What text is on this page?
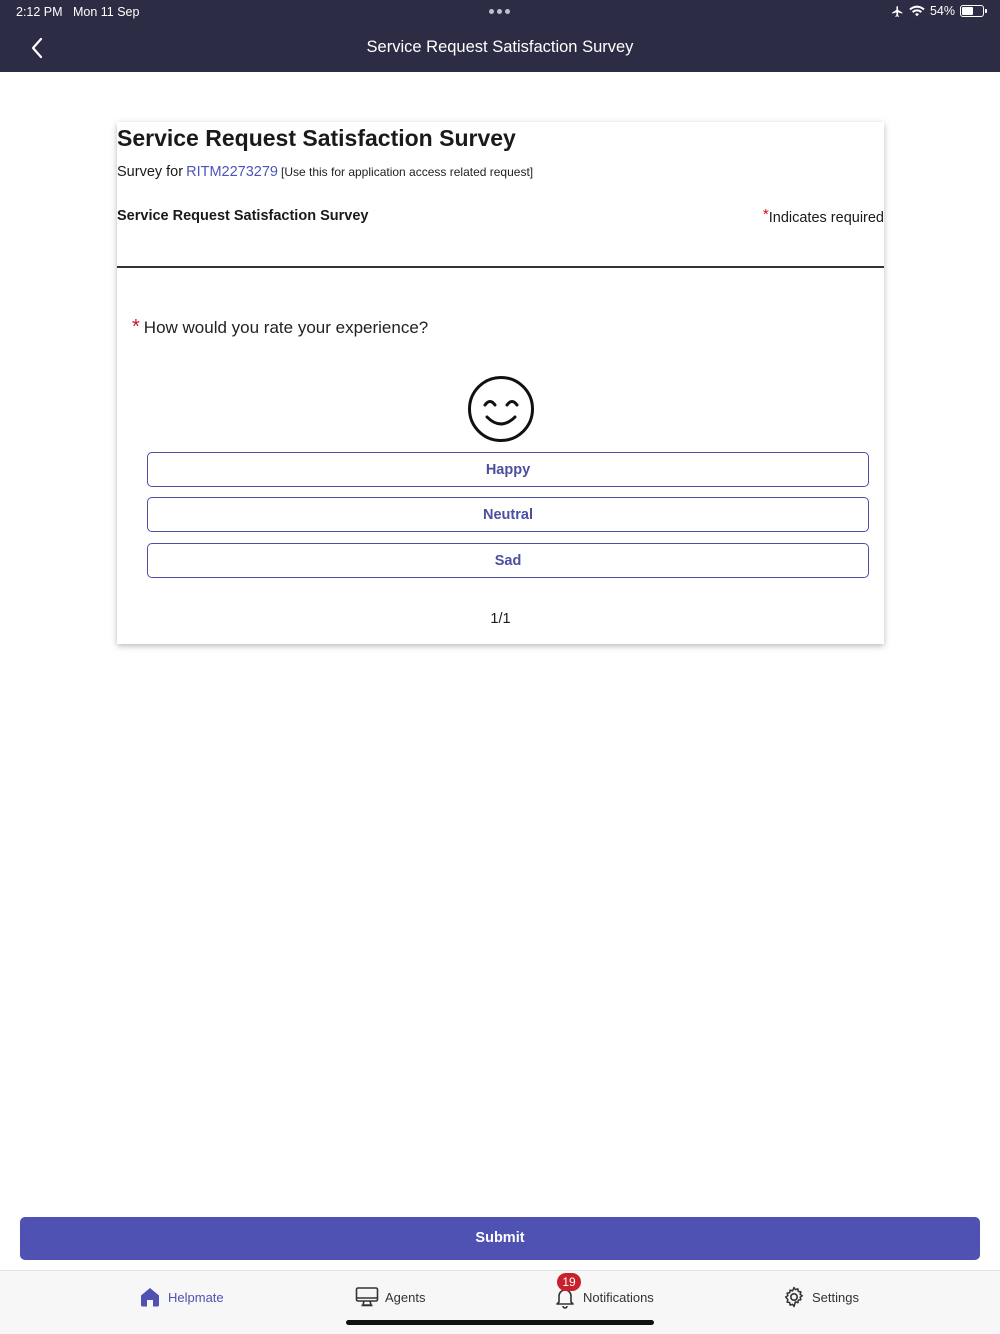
2:12 PM Mon 11 Sep	54%
Service Request Satisfaction Survey
Service Request Satisfaction Survey
Survey for RITM2273279 [Use this for application access related request]
Service Request Satisfaction Survey	*Indicates required
* How would you rate your experience?
Happy
Neutral
Sad
1/1
Submit
Helpmate	Agents	Notifications	Settings
19
